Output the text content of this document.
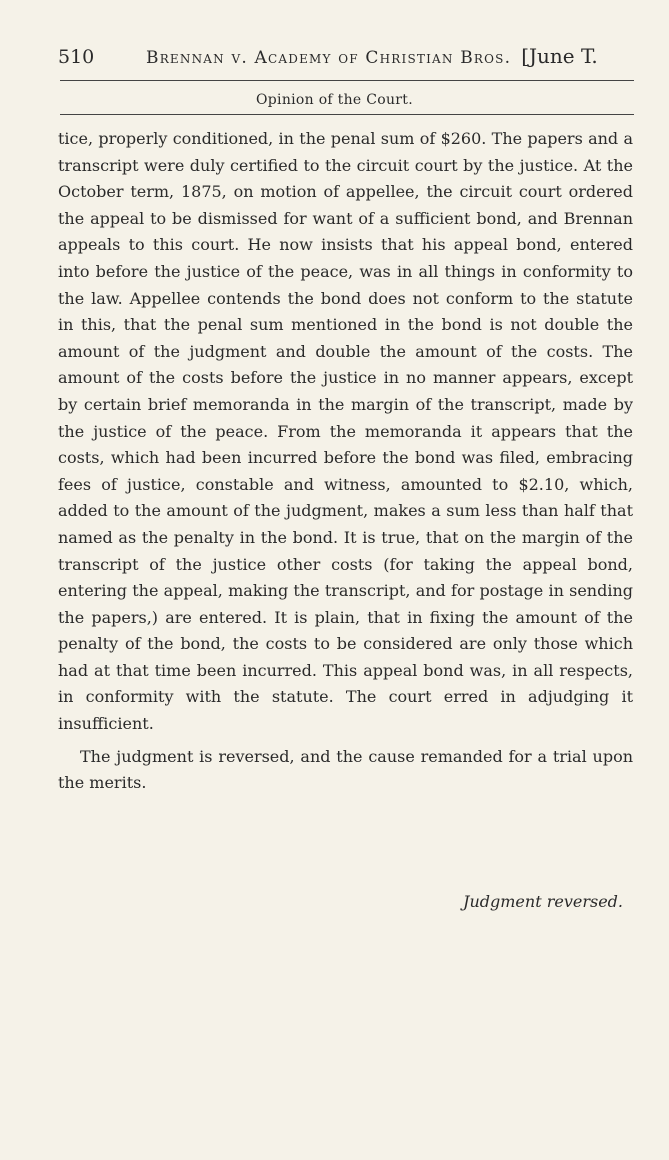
510	Brennan v. Academy of Christian Bros. [June T.
Opinion of the Court.

tice, properly conditioned, in the penal sum of $260. The papers and a transcript were duly certified to the circuit court by the justice. At the October term, 1875, on motion of appellee, the circuit court ordered the appeal to be dismissed for want of a sufficient bond, and Brennan appeals to this court. He now insists that his appeal bond, entered into before the justice of the peace, was in all things in conformity to the law. Appellee contends the bond does not conform to the statute in this, that the penal sum mentioned in the bond is not double the amount of the judgment and double the amount of the costs. The amount of the costs before the justice in no manner appears, except by certain brief memoranda in the margin of the transcript, made by the justice of the peace. From the memoranda it appears that the costs, which had been incurred before the bond was filed, embracing fees of justice, constable and witness, amounted to $2.10, which, added to the amount of the judgment, makes a sum less than half that named as the penalty in the bond. It is true, that on the margin of the transcript of the justice other costs (for taking the appeal bond, entering the appeal, making the transcript, and for postage in sending the papers,) are entered. It is plain, that in fixing the amount of the penalty of the bond, the costs to be considered are only those which had at that time been incurred. This appeal bond was, in all respects, in conformity with the statute. The court erred in adjudging it insufficient.

The judgment is reversed, and the cause remanded for a trial upon the merits.

Judgment reversed.
